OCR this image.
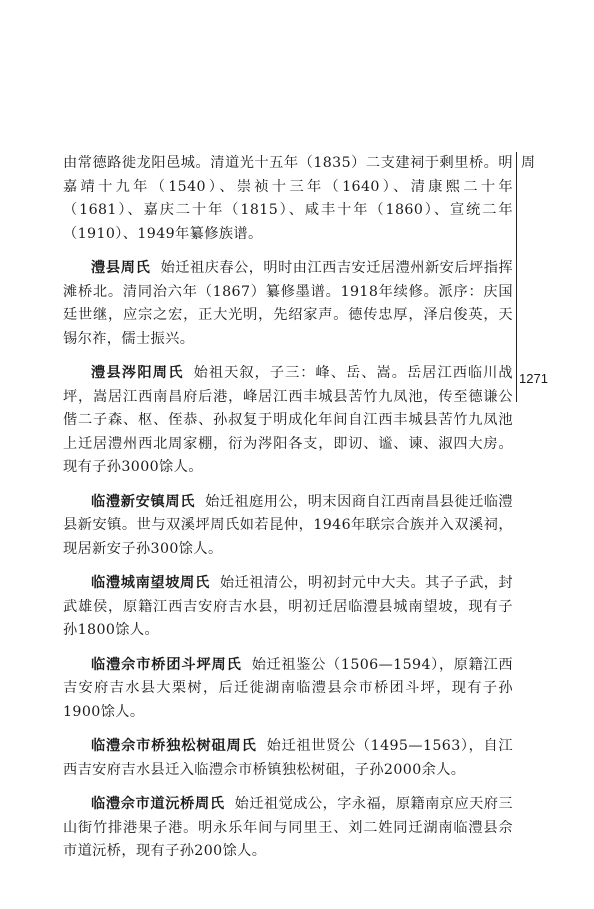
周
1271

由常德路徙龙阳邑城。清道光十五年（1835）二支建祠于剩里桥。明嘉靖十九年（1540）、崇祯十三年（1640）、清康熙二十年（1681）、嘉庆二十年（1815）、咸丰十年（1860）、宣统二年（1910）、1949年纂修族谱。

澧县周氏 始迁祖庆春公，明时由江西吉安迁居澧州新安后坪指挥滩桥北。清同治六年（1867）纂修墨谱。1918年续修。派序：庆国廷世继，应宗之宏，正大光明，先绍家声。德传忠厚，泽启俊英，天锡尔祚，儒士振兴。

澧县涔阳周氏 始祖天叙，子三：峰、岳、嵩。岳居江西临川战坪，嵩居江西南昌府后港，峰居江西丰城县苦竹九凤池，传至德谦公偕二子森、枢、侄恭、孙叔复于明成化年间自江西丰城县苦竹九凤池上迁居澧州西北周家棚，衍为涔阳各支，即讱、谧、谏、淑四大房。现有子孙3000馀人。

临澧新安镇周氏 始迁祖庭用公，明末因商自江西南昌县徙迁临澧县新安镇。世与双溪坪周氏如若昆仲，1946年联宗合族并入双溪祠，现居新安子孙300馀人。

临澧城南望坡周氏 始迁祖清公，明初封元中大夫。其子子武，封武雄侯，原籍江西吉安府吉水县，明初迁居临澧县城南望坡，现有子孙1800馀人。

临澧佘市桥团斗坪周氏 始迁祖鉴公（1506—1594），原籍江西吉安府吉水县大栗树，后迁徙湖南临澧县佘市桥团斗坪，现有子孙1900馀人。

临澧佘市桥独松树砠周氏 始迁祖世贤公（1495—1563），自江西吉安府吉水县迁入临澧佘市桥镇独松树砠，子孙2000余人。

临澧佘市道沅桥周氏 始迁祖觉成公，字永福，原籍南京应天府三山街竹排港果子港。明永乐年间与同里王、刘二姓同迁湖南临澧县佘市道沅桥，现有子孙200馀人。
